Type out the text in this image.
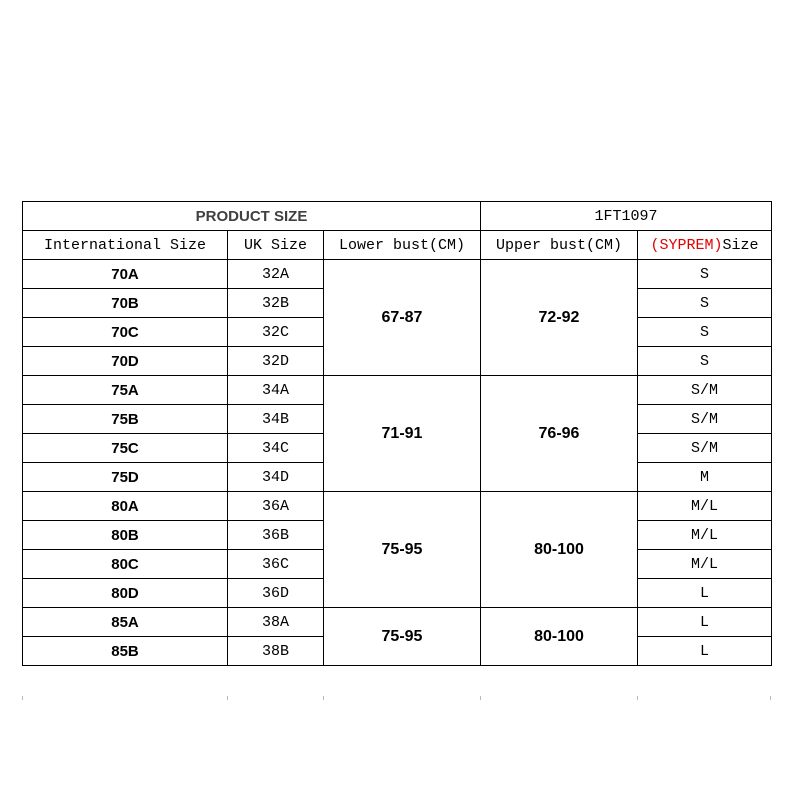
PRODUCT SIZE			1FT1097	
International Size	UK Size	Lower bust(CM)	Upper bust(CM)	(SYPREM)Size
70A	32A	67-87	72-92	S
70B	32B			S
70C	32C			S
70D	32D			S
75A	34A	71-91	76-96	S/M
75B	34B			S/M
75C	34C			S/M
75D	34D			M
80A	36A	75-95	80-100	M/L
80B	36B			M/L
80C	36C			M/L
80D	36D			L
85A	38A	75-95	80-100	L
85B	38B			L
